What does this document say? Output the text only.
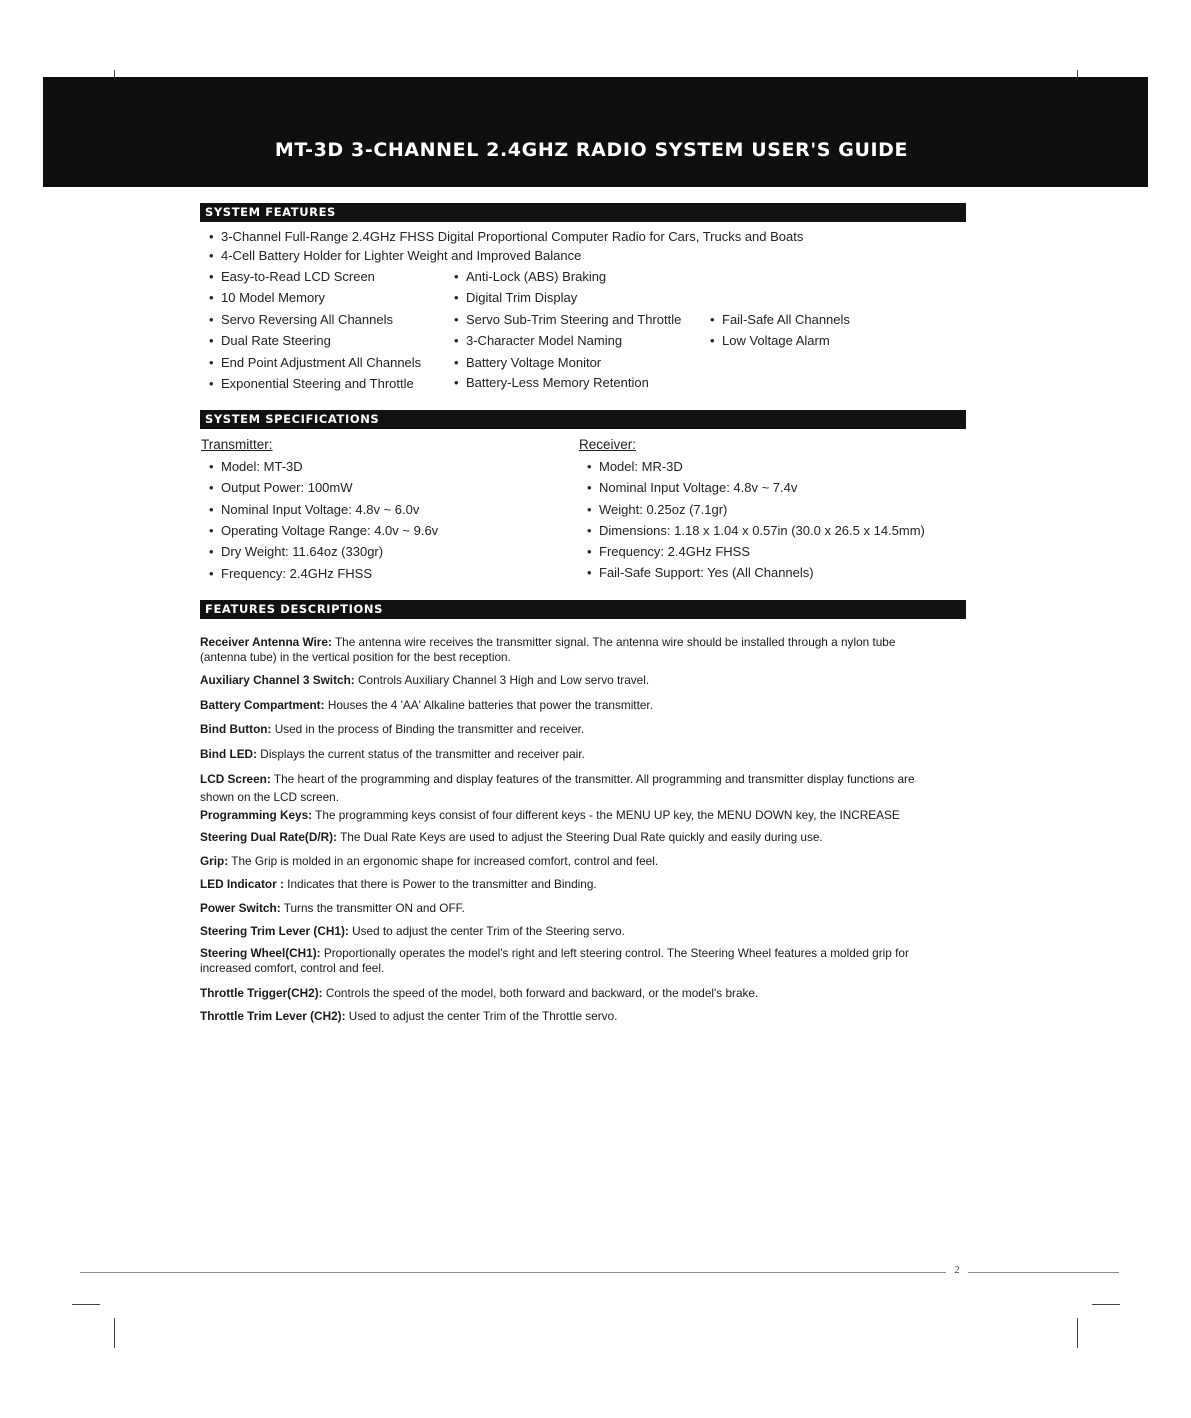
MT-3D 3-CHANNEL 2.4GHZ RADIO SYSTEM USER'S GUIDE
SYSTEM FEATURES
• 3-Channel Full-Range 2.4GHz FHSS Digital Proportional Computer Radio for Cars, Trucks and Boats
• 4-Cell Battery Holder for Lighter Weight and Improved Balance
• Easy-to-Read LCD Screen
• 10 Model Memory
• Servo Reversing All Channels
• Dual Rate Steering
• End Point Adjustment All Channels
• Exponential Steering and Throttle
• Anti-Lock (ABS) Braking
• Digital Trim Display
• Servo Sub-Trim Steering and Throttle
• 3-Character Model Naming
• Battery Voltage Monitor
• Battery-Less Memory Retention
• Fail-Safe All Channels
• Low Voltage Alarm
SYSTEM SPECIFICATIONS
Transmitter:
• Model: MT-3D
• Output Power: 100mW
• Nominal Input Voltage: 4.8v ~ 6.0v
• Operating Voltage Range: 4.0v ~ 9.6v
• Dry Weight: 11.64oz (330gr)
• Frequency: 2.4GHz FHSS
Receiver:
• Model: MR-3D
• Nominal Input Voltage: 4.8v ~ 7.4v
• Weight: 0.25oz (7.1gr)
• Dimensions: 1.18 x 1.04 x 0.57in (30.0 x 26.5 x 14.5mm)
• Frequency: 2.4GHz FHSS
• Fail-Safe Support: Yes (All Channels)
FEATURES DESCRIPTIONS
Receiver Antenna Wire: The antenna wire receives the transmitter signal. The antenna wire should be installed through a nylon tube (antenna tube) in the vertical position for the best reception.
Auxiliary Channel 3 Switch: Controls Auxiliary Channel 3 High and Low servo travel.
Battery Compartment: Houses the 4 'AA' Alkaline batteries that power the transmitter.
Bind Button: Used in the process of Binding the transmitter and receiver.
Bind LED: Displays the current status of the transmitter and receiver pair.
LCD Screen: The heart of the programming and display features of the transmitter. All programming and transmitter display functions are shown on the LCD screen.
Programming Keys: The programming keys consist of four different keys - the MENU UP key, the MENU DOWN key, the INCREASE
Steering Dual Rate(D/R): The Dual Rate Keys are used to adjust the Steering Dual Rate quickly and easily during use.
Grip: The Grip is molded in an ergonomic shape for increased comfort, control and feel.
LED Indicator : Indicates that there is Power to the transmitter and Binding.
Power Switch: Turns the transmitter ON and OFF.
Steering Trim Lever (CH1): Used to adjust the center Trim of the Steering servo.
Steering Wheel(CH1): Proportionally operates the model's right and left steering control. The Steering Wheel features a molded grip for increased comfort, control and feel.
Throttle Trigger(CH2): Controls the speed of the model, both forward and backward, or the model's brake.
Throttle Trim Lever (CH2): Used to adjust the center Trim of the Throttle servo.
2
